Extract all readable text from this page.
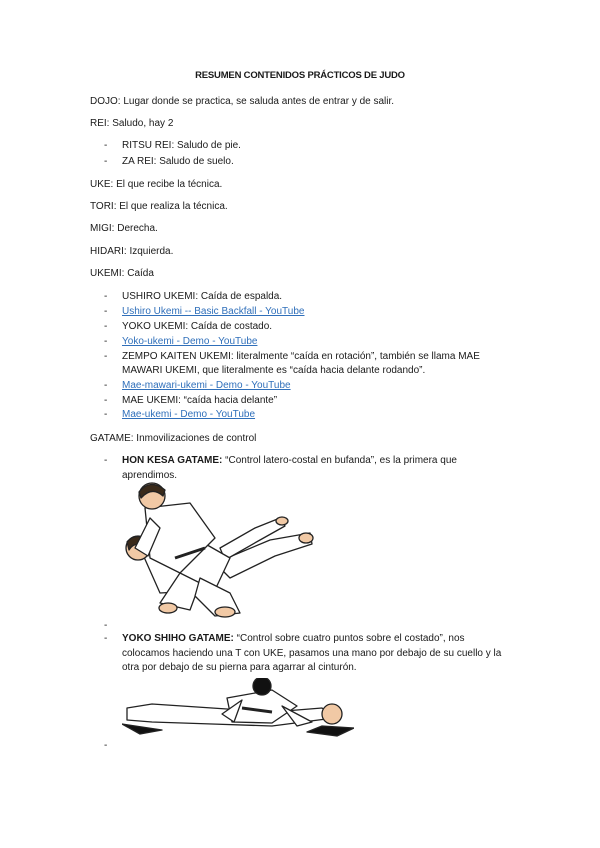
RESUMEN CONTENIDOS PRÁCTICOS DE JUDO
DOJO: Lugar donde se practica, se saluda antes de entrar y de salir.
REI: Saludo, hay 2
- RITSU REI: Saludo de pie.
- ZA REI: Saludo de suelo.
UKE: El que recibe la técnica.
TORI: El que realiza la técnica.
MIGI: Derecha.
HIDARI: Izquierda.
UKEMI: Caída
- USHIRO UKEMI: Caída de espalda.
- Ushiro Ukemi -- Basic Backfall - YouTube
- YOKO UKEMI: Caída de costado.
- Yoko-ukemi - Demo - YouTube
- ZEMPO KAITEN UKEMI: literalmente “caída en rotación”, también se llama MAE
MAWARI UKEMI, que literalmente es “caída hacia delante rodando”.
- Mae-mawari-ukemi - Demo - YouTube
- MAE UKEMI: “caída hacia delante”
- Mae-ukemi - Demo - YouTube
GATAME: Inmovilizaciones de control
- HON KESA GATAME: “Control latero-costal en bufanda”, es la primera que aprendimos.
-
- YOKO SHIHO GATAME: “Control sobre cuatro puntos sobre el costado”, nos colocamos haciendo una T con UKE, pasamos una mano por debajo de su cuello y la otra por debajo de su pierna para agarrar al cinturón.
-
